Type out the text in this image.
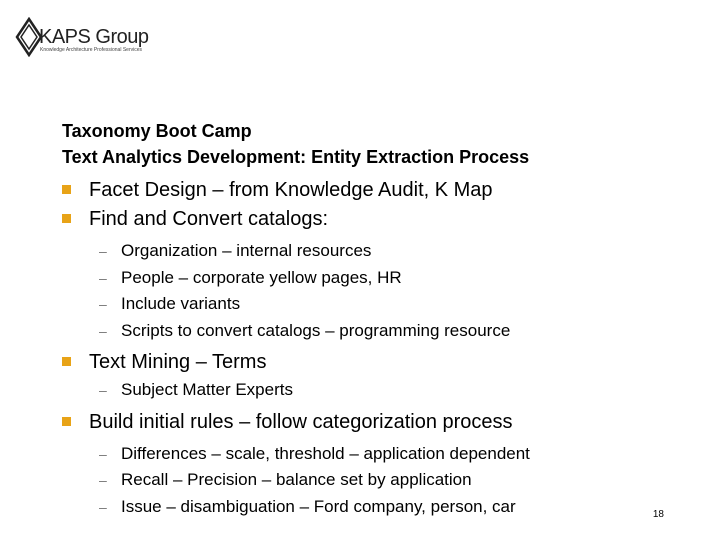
KAPS Group
Knowledge Architecture Professional Services
Taxonomy Boot Camp
Text Analytics Development: Entity Extraction Process
Facet Design – from Knowledge Audit, K Map
Find and Convert catalogs:
– Organization – internal resources
– People – corporate yellow pages, HR
– Include variants
– Scripts to convert catalogs – programming resource
Text Mining – Terms
– Subject Matter Experts
Build initial rules – follow categorization process
– Differences – scale, threshold – application dependent
– Recall – Precision – balance set by application
– Issue – disambiguation – Ford company, person, car	18
